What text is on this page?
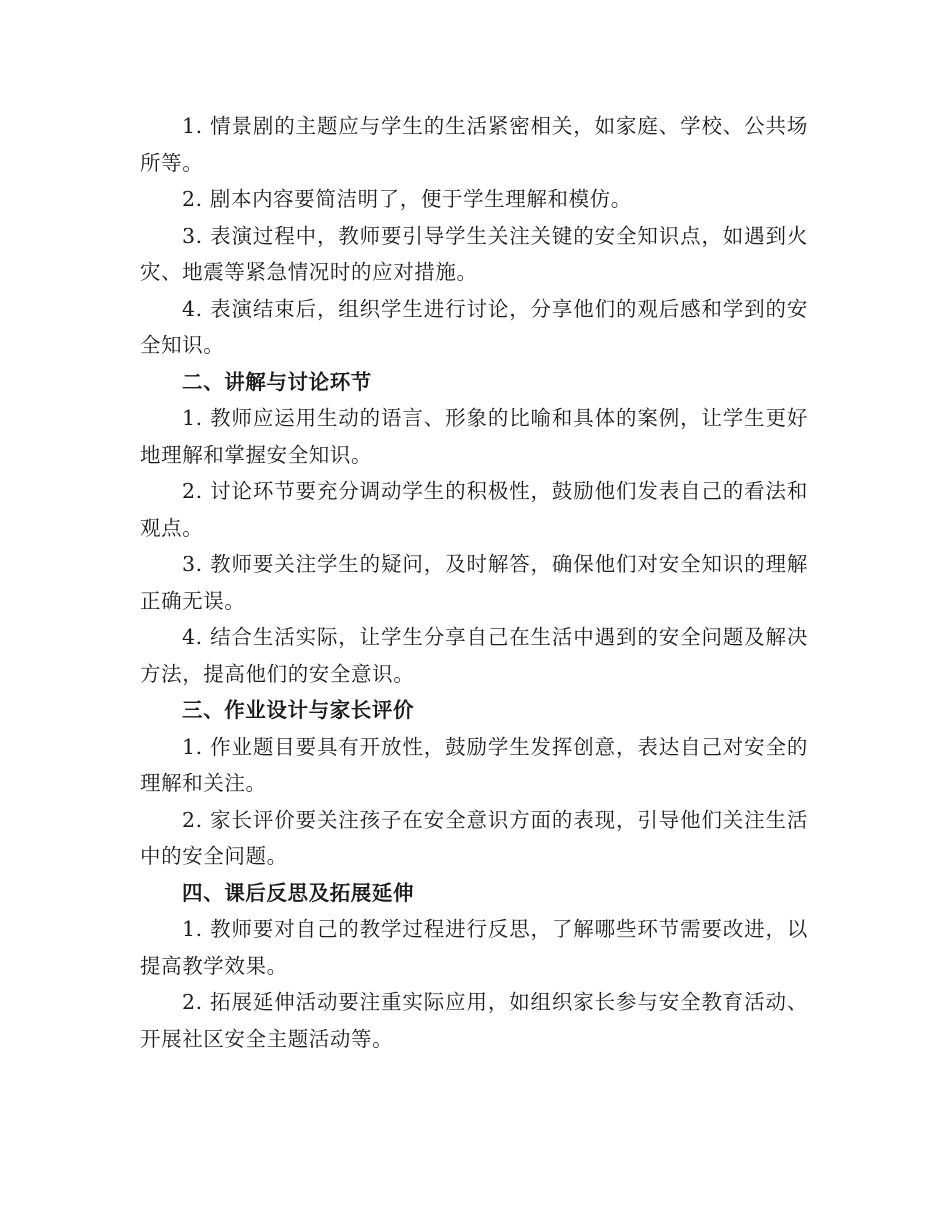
1. 情景剧的主题应与学生的生活紧密相关，如家庭、学校、公共场所等。

2. 剧本内容要简洁明了，便于学生理解和模仿。

3. 表演过程中，教师要引导学生关注关键的安全知识点，如遇到火灾、地震等紧急情况时的应对措施。

4. 表演结束后，组织学生进行讨论，分享他们的观后感和学到的安全知识。

二、讲解与讨论环节

1. 教师应运用生动的语言、形象的比喻和具体的案例，让学生更好地理解和掌握安全知识。

2. 讨论环节要充分调动学生的积极性，鼓励他们发表自己的看法和观点。

3. 教师要关注学生的疑问，及时解答，确保他们对安全知识的理解正确无误。

4. 结合生活实际，让学生分享自己在生活中遇到的安全问题及解决方法，提高他们的安全意识。

三、作业设计与家长评价

1. 作业题目要具有开放性，鼓励学生发挥创意，表达自己对安全的理解和关注。

2. 家长评价要关注孩子在安全意识方面的表现，引导他们关注生活中的安全问题。

四、课后反思及拓展延伸

1. 教师要对自己的教学过程进行反思，了解哪些环节需要改进，以提高教学效果。

2. 拓展延伸活动要注重实际应用，如组织家长参与安全教育活动、开展社区安全主题活动等。
